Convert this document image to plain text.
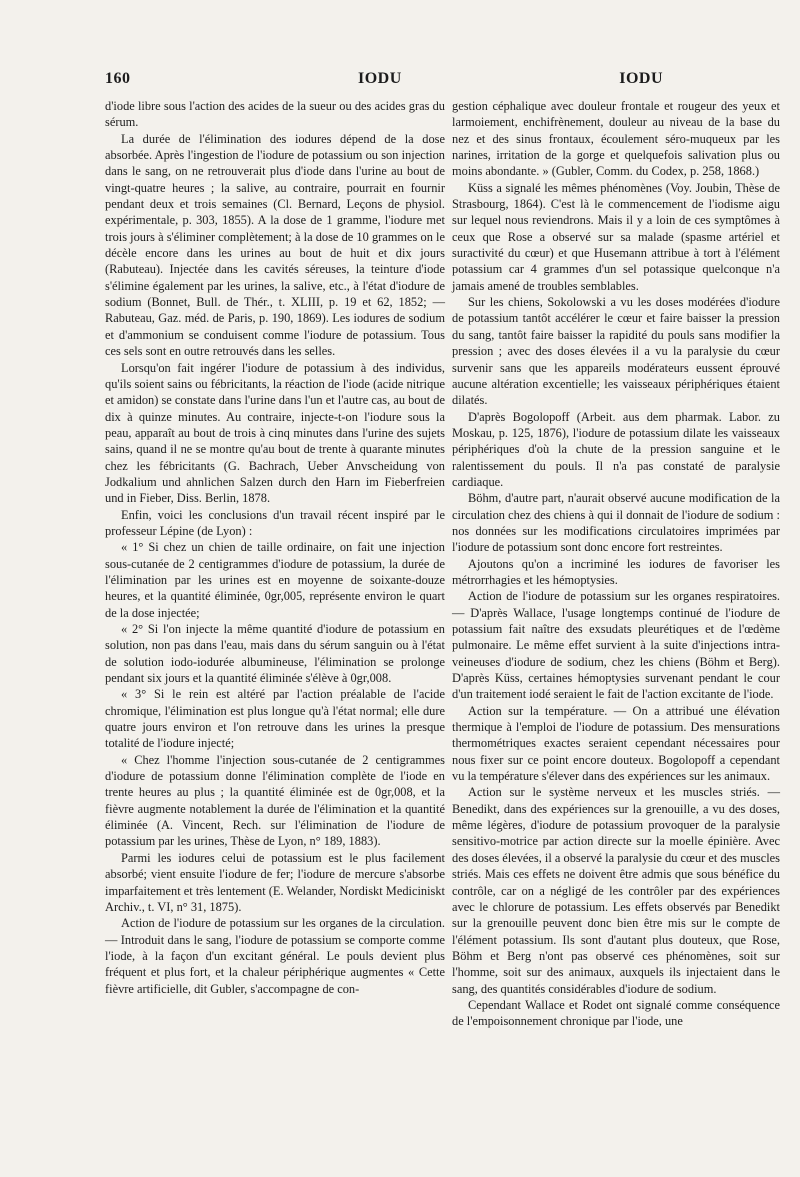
160	IODU	IODU

d'iode libre sous l'action des acides de la sueur ou des acides gras du sérum.

La durée de l'élimination des iodures dépend de la dose absorbée. Après l'ingestion de l'iodure de potassium ou son injection dans le sang, on ne retrouverait plus d'iode dans l'urine au bout de vingt-quatre heures ; la salive, au contraire, pourrait en fournir pendant deux et trois semaines (Cl. Bernard, Leçons de physiol. expérimentale, p. 303, 1855). A la dose de 1 gramme, l'iodure met trois jours à s'éliminer complètement; à la dose de 10 grammes on le décèle encore dans les urines au bout de huit et dix jours (Rabuteau). Injectée dans les cavités séreuses, la teinture d'iode s'élimine également par les urines, la salive, etc., à l'état d'iodure de sodium (Bonnet, Bull. de Thér., t. XLIII, p. 19 et 62, 1852; — Rabuteau, Gaz. méd. de Paris, p. 190, 1869). Les iodures de sodium et d'ammonium se conduisent comme l'iodure de potassium. Tous ces sels sont en outre retrouvés dans les selles.

Lorsqu'on fait ingérer l'iodure de potassium à des individus, qu'ils soient sains ou fébricitants, la réaction de l'iode (acide nitrique et amidon) se constate dans l'urine dans l'un et l'autre cas, au bout de dix à quinze minutes. Au contraire, injecte-t-on l'iodure sous la peau, apparaît au bout de trois à cinq minutes dans l'urine des sujets sains, quand il ne se montre qu'au bout de trente à quarante minutes chez les fébricitants (G. Bachrach, Ueber Anvscheidung von Jodkalium und ahnlichen Salzen durch den Harn im Fieberfreien und in Fieber, Diss. Berlin, 1878.

Enfin, voici les conclusions d'un travail récent inspiré par le professeur Lépine (de Lyon) :

« 1° Si chez un chien de taille ordinaire, on fait une injection sous-cutanée de 2 centigrammes d'iodure de potassium, la durée de l'élimination par les urines est en moyenne de soixante-douze heures, et la quantité éliminée, 0gr,005, représente environ le quart de la dose injectée;

« 2° Si l'on injecte la même quantité d'iodure de potassium en solution, non pas dans l'eau, mais dans du sérum sanguin ou à l'état de solution iodo-iodurée albumineuse, l'élimination se prolonge pendant six jours et la quantité éliminée s'élève à 0gr,008.

« 3° Si le rein est altéré par l'action préalable de l'acide chromique, l'élimination est plus longue qu'à l'état normal; elle dure quatre jours environ et l'on retrouve dans les urines la presque totalité de l'iodure injecté;

« Chez l'homme l'injection sous-cutanée de 2 centigrammes d'iodure de potassium donne l'élimination complète de l'iode en trente heures au plus ; la quantité éliminée est de 0gr,008, et la fièvre augmente notablement la durée de l'élimination et la quantité éliminée (A. Vincent, Rech. sur l'élimination de l'iodure de potassium par les urines, Thèse de Lyon, n° 189, 1883).

Parmi les iodures celui de potassium est le plus facilement absorbé; vient ensuite l'iodure de fer; l'iodure de mercure s'absorbe imparfaitement et très lentement (E. Welander, Nordiskt Mediciniskt Archiv., t. VI, n° 31, 1875).

Action de l'iodure de potassium sur les organes de la circulation. — Introduit dans le sang, l'iodure de potassium se comporte comme l'iode, à la façon d'un excitant général. Le pouls devient plus fréquent et plus fort, et la chaleur périphérique augmentes « Cette fièvre artificielle, dit Gubler, s'accompagne de con-

gestion céphalique avec douleur frontale et rougeur des yeux et larmoiement, enchifrènement, douleur au niveau de la base du nez et des sinus frontaux, écoulement séro-muqueux par les narines, irritation de la gorge et quelquefois salivation plus ou moins abondante. » (Gubler, Comm. du Codex, p. 258, 1868.)

Küss a signalé les mêmes phénomènes (Voy. Joubin, Thèse de Strasbourg, 1864). C'est là le commencement de l'iodisme aigu sur lequel nous reviendrons. Mais il y a loin de ces symptômes à ceux que Rose a observé sur sa malade (spasme artériel et suractivité du cœur) et que Husemann attribue à tort à l'élément potassium car 4 grammes d'un sel potassique quelconque n'a jamais amené de troubles semblables.

Sur les chiens, Sokolowski a vu les doses modérées d'iodure de potassium tantôt accélérer le cœur et faire baisser la pression du sang, tantôt faire baisser la rapidité du pouls sans modifier la pression ; avec des doses élevées il a vu la paralysie du cœur survenir sans que les appareils modérateurs eussent éprouvé aucune altération excentielle; les vaisseaux périphériques étaient dilatés.

D'après Bogolopoff (Arbeit. aus dem pharmak. Labor. zu Moskau, p. 125, 1876), l'iodure de potassium dilate les vaisseaux périphériques d'où la chute de la pression sanguine et le ralentissement du pouls. Il n'a pas constaté de paralysie cardiaque.

Böhm, d'autre part, n'aurait observé aucune modification de la circulation chez des chiens à qui il donnait de l'iodure de sodium : nos données sur les modifications circulatoires imprimées par l'iodure de potassium sont donc encore fort restreintes.

Ajoutons qu'on a incriminé les iodures de favoriser les métrorrhagies et les hémoptysies.

Action de l'iodure de potassium sur les organes respiratoires. — D'après Wallace, l'usage longtemps continué de l'iodure de potassium fait naître des exsudats pleurétiques et de l'œdème pulmonaire. Le même effet survient à la suite d'injections intra-veineuses d'iodure de sodium, chez les chiens (Böhm et Berg). D'après Küss, certaines hémoptysies survenant pendant le cour d'un traitement iodé seraient le fait de l'action excitante de l'iode.

Action sur la température. — On a attribué une élévation thermique à l'emploi de l'iodure de potassium. Des mensurations thermométriques exactes seraient cependant nécessaires pour nous fixer sur ce point encore douteux. Bogolopoff a cependant vu la température s'élever dans des expériences sur les animaux.

Action sur le système nerveux et les muscles striés. — Benedikt, dans des expériences sur la grenouille, a vu des doses, même légères, d'iodure de potassium provoquer de la paralysie sensitivo-motrice par action directe sur la moelle épinière. Avec des doses élevées, il a observé la paralysie du cœur et des muscles striés. Mais ces effets ne doivent être admis que sous bénéfice du contrôle, car on a négligé de les contrôler par des expériences avec le chlorure de potassium. Les effets observés par Benedikt sur la grenouille peuvent donc bien être mis sur le compte de l'élément potassium. Ils sont d'autant plus douteux, que Rose, Böhm et Berg n'ont pas observé ces phénomènes, soit sur l'homme, soit sur des animaux, auxquels ils injectaient dans le sang, des quantités considérables d'iodure de sodium.

Cependant Wallace et Rodet ont signalé comme conséquence de l'empoisonnement chronique par l'iode, une
